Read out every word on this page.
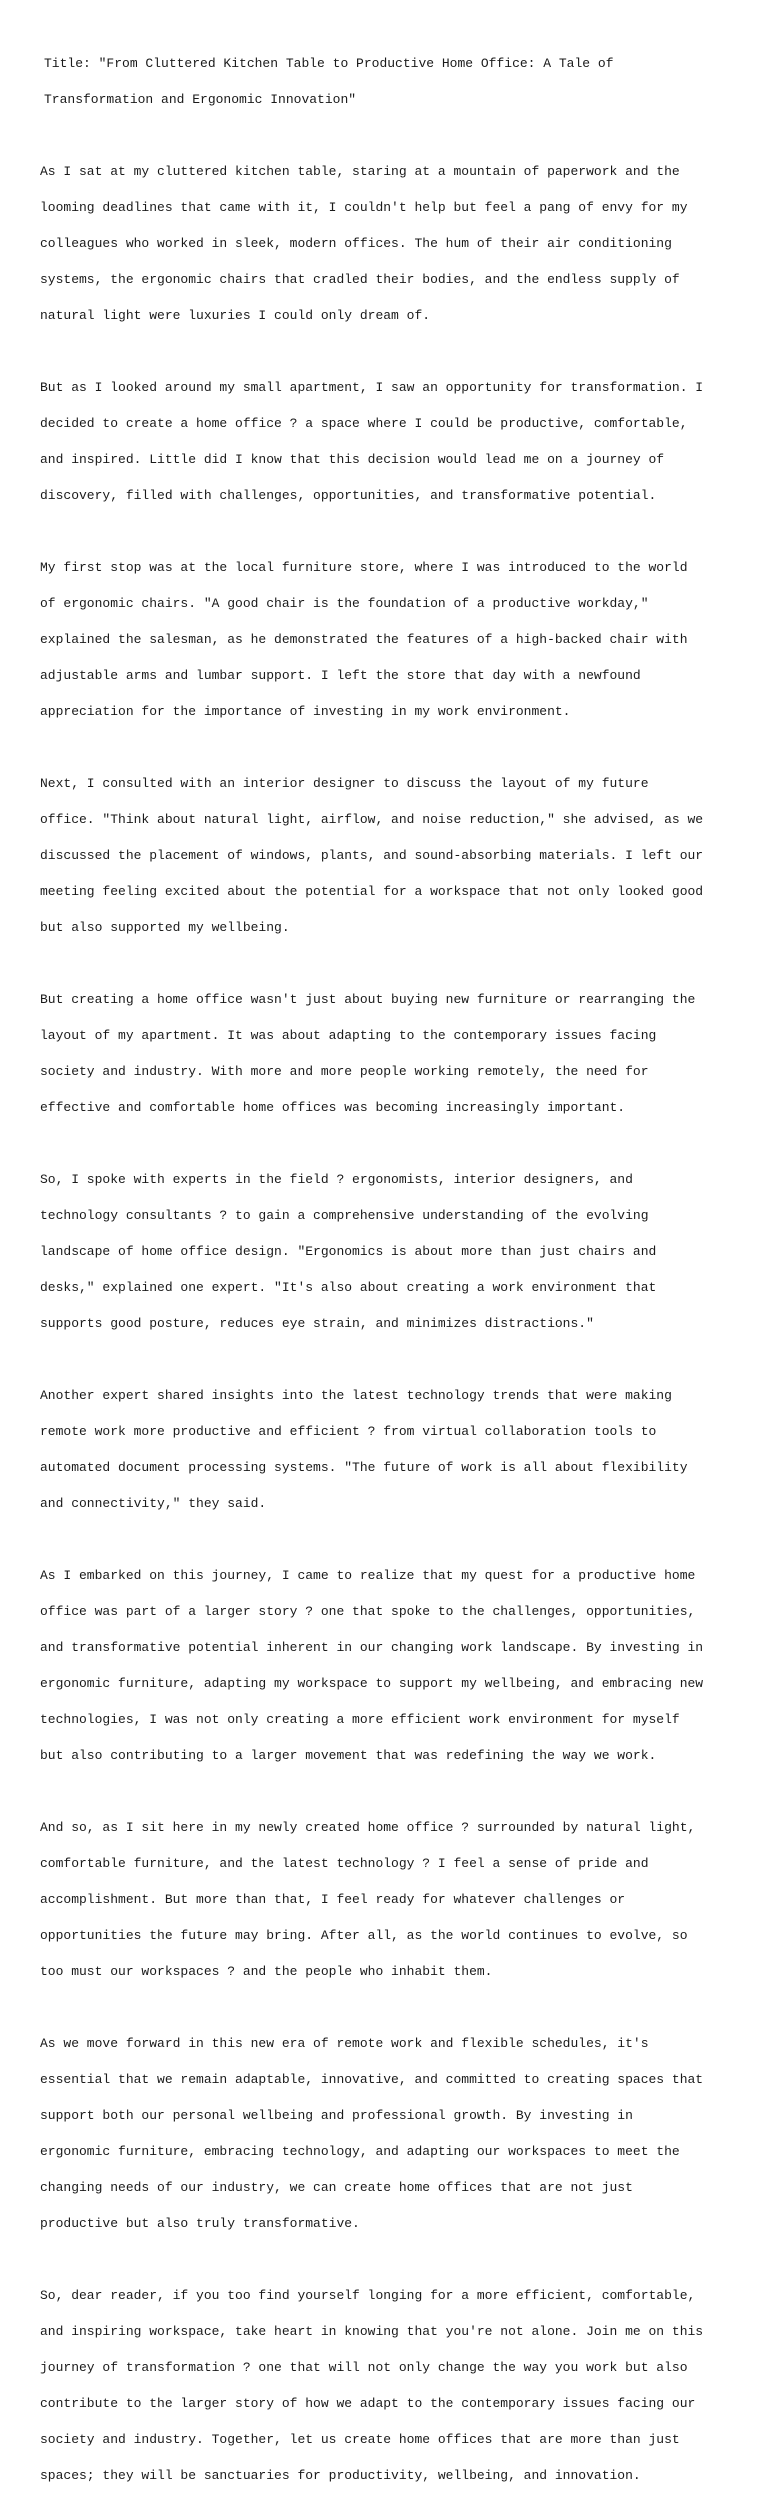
Title: "From Cluttered Kitchen Table to Productive Home Office: A Tale of

Transformation and Ergonomic Innovation"

As I sat at my cluttered kitchen table, staring at a mountain of paperwork and the

looming deadlines that came with it, I couldn't help but feel a pang of envy for my

colleagues who worked in sleek, modern offices. The hum of their air conditioning

systems, the ergonomic chairs that cradled their bodies, and the endless supply of

natural light were luxuries I could only dream of.

But as I looked around my small apartment, I saw an opportunity for transformation. I

decided to create a home office ? a space where I could be productive, comfortable,

and inspired. Little did I know that this decision would lead me on a journey of

discovery, filled with challenges, opportunities, and transformative potential.

My first stop was at the local furniture store, where I was introduced to the world

of ergonomic chairs. "A good chair is the foundation of a productive workday,"

explained the salesman, as he demonstrated the features of a high-backed chair with

adjustable arms and lumbar support. I left the store that day with a newfound

appreciation for the importance of investing in my work environment.

Next, I consulted with an interior designer to discuss the layout of my future

office. "Think about natural light, airflow, and noise reduction," she advised, as we

discussed the placement of windows, plants, and sound-absorbing materials. I left our

meeting feeling excited about the potential for a workspace that not only looked good

but also supported my wellbeing.

But creating a home office wasn't just about buying new furniture or rearranging the

layout of my apartment. It was about adapting to the contemporary issues facing

society and industry. With more and more people working remotely, the need for

effective and comfortable home offices was becoming increasingly important.

So, I spoke with experts in the field ? ergonomists, interior designers, and

technology consultants ? to gain a comprehensive understanding of the evolving

landscape of home office design. "Ergonomics is about more than just chairs and

desks," explained one expert. "It's also about creating a work environment that

supports good posture, reduces eye strain, and minimizes distractions."

Another expert shared insights into the latest technology trends that were making

remote work more productive and efficient ? from virtual collaboration tools to

automated document processing systems. "The future of work is all about flexibility

and connectivity," they said.

As I embarked on this journey, I came to realize that my quest for a productive home

office was part of a larger story ? one that spoke to the challenges, opportunities,

and transformative potential inherent in our changing work landscape. By investing in

ergonomic furniture, adapting my workspace to support my wellbeing, and embracing new

technologies, I was not only creating a more efficient work environment for myself

but also contributing to a larger movement that was redefining the way we work.

And so, as I sit here in my newly created home office ? surrounded by natural light,

comfortable furniture, and the latest technology ? I feel a sense of pride and

accomplishment. But more than that, I feel ready for whatever challenges or

opportunities the future may bring. After all, as the world continues to evolve, so

too must our workspaces ? and the people who inhabit them.

As we move forward in this new era of remote work and flexible schedules, it's

essential that we remain adaptable, innovative, and committed to creating spaces that

support both our personal wellbeing and professional growth. By investing in

ergonomic furniture, embracing technology, and adapting our workspaces to meet the

changing needs of our industry, we can create home offices that are not just

productive but also truly transformative.

So, dear reader, if you too find yourself longing for a more efficient, comfortable,

and inspiring workspace, take heart in knowing that you're not alone. Join me on this

journey of transformation ? one that will not only change the way you work but also

contribute to the larger story of how we adapt to the contemporary issues facing our

society and industry. Together, let us create home offices that are more than just

spaces; they will be sanctuaries for productivity, wellbeing, and innovation.
